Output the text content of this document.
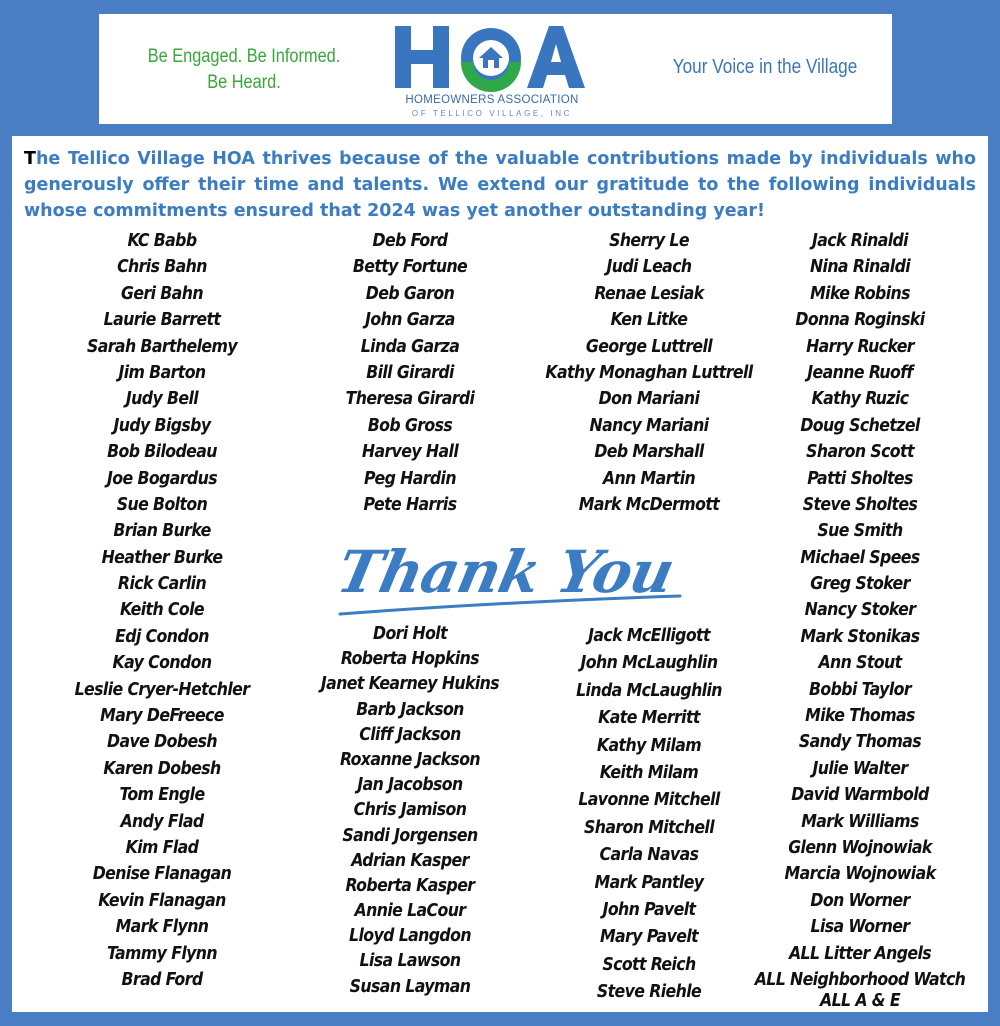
Be Engaged. Be Informed.
Be Heard.
HOMEOWNERS ASSOCIATION
OF TELLICO VILLAGE, INC
Your Voice in the Village

The Tellico Village HOA thrives because of the valuable contributions made by individuals who generously offer their time and talents. We extend our gratitude to the following individuals whose commitments ensured that 2024 was yet another outstanding year!

KC Babb
Chris Bahn
Geri Bahn
Laurie Barrett
Sarah Barthelemy
Jim Barton
Judy Bell
Judy Bigsby
Bob Bilodeau
Joe Bogardus
Sue Bolton
Brian Burke
Heather Burke
Rick Carlin
Keith Cole
Edj Condon
Kay Condon
Leslie Cryer-Hetchler
Mary DeFreece
Dave Dobesh
Karen Dobesh
Tom Engle
Andy Flad
Kim Flad
Denise Flanagan
Kevin Flanagan
Mark Flynn
Tammy Flynn
Brad Ford
Deb Ford
Betty Fortune
Deb Garon
John Garza
Linda Garza
Bill Girardi
Theresa Girardi
Bob Gross
Harvey Hall
Peg Hardin
Pete Harris
Dori Holt
Roberta Hopkins
Janet Kearney Hukins
Barb Jackson
Cliff Jackson
Roxanne Jackson
Jan Jacobson
Chris Jamison
Sandi Jorgensen
Adrian Kasper
Roberta Kasper
Annie LaCour
Lloyd Langdon
Lisa Lawson
Susan Layman
Sherry Le
Judi Leach
Renae Lesiak
Ken Litke
George Luttrell
Kathy Monaghan Luttrell
Don Mariani
Nancy Mariani
Deb Marshall
Ann Martin
Mark McDermott
Jack McElligott
John McLaughlin
Linda McLaughlin
Kate Merritt
Kathy Milam
Keith Milam
Lavonne Mitchell
Sharon Mitchell
Carla Navas
Mark Pantley
John Pavelt
Mary Pavelt
Scott Reich
Steve Riehle
Jack Rinaldi
Nina Rinaldi
Mike Robins
Donna Roginski
Harry Rucker
Jeanne Ruoff
Kathy Ruzic
Doug Schetzel
Sharon Scott
Patti Sholtes
Steve Sholtes
Sue Smith
Michael Spees
Greg Stoker
Nancy Stoker
Mark Stonikas
Ann Stout
Bobbi Taylor
Mike Thomas
Sandy Thomas
Julie Walter
David Warmbold
Mark Williams
Glenn Wojnowiak
Marcia Wojnowiak
Don Worner
Lisa Worner
ALL Litter Angels
ALL Neighborhood Watch
ALL A & E
Thank You
